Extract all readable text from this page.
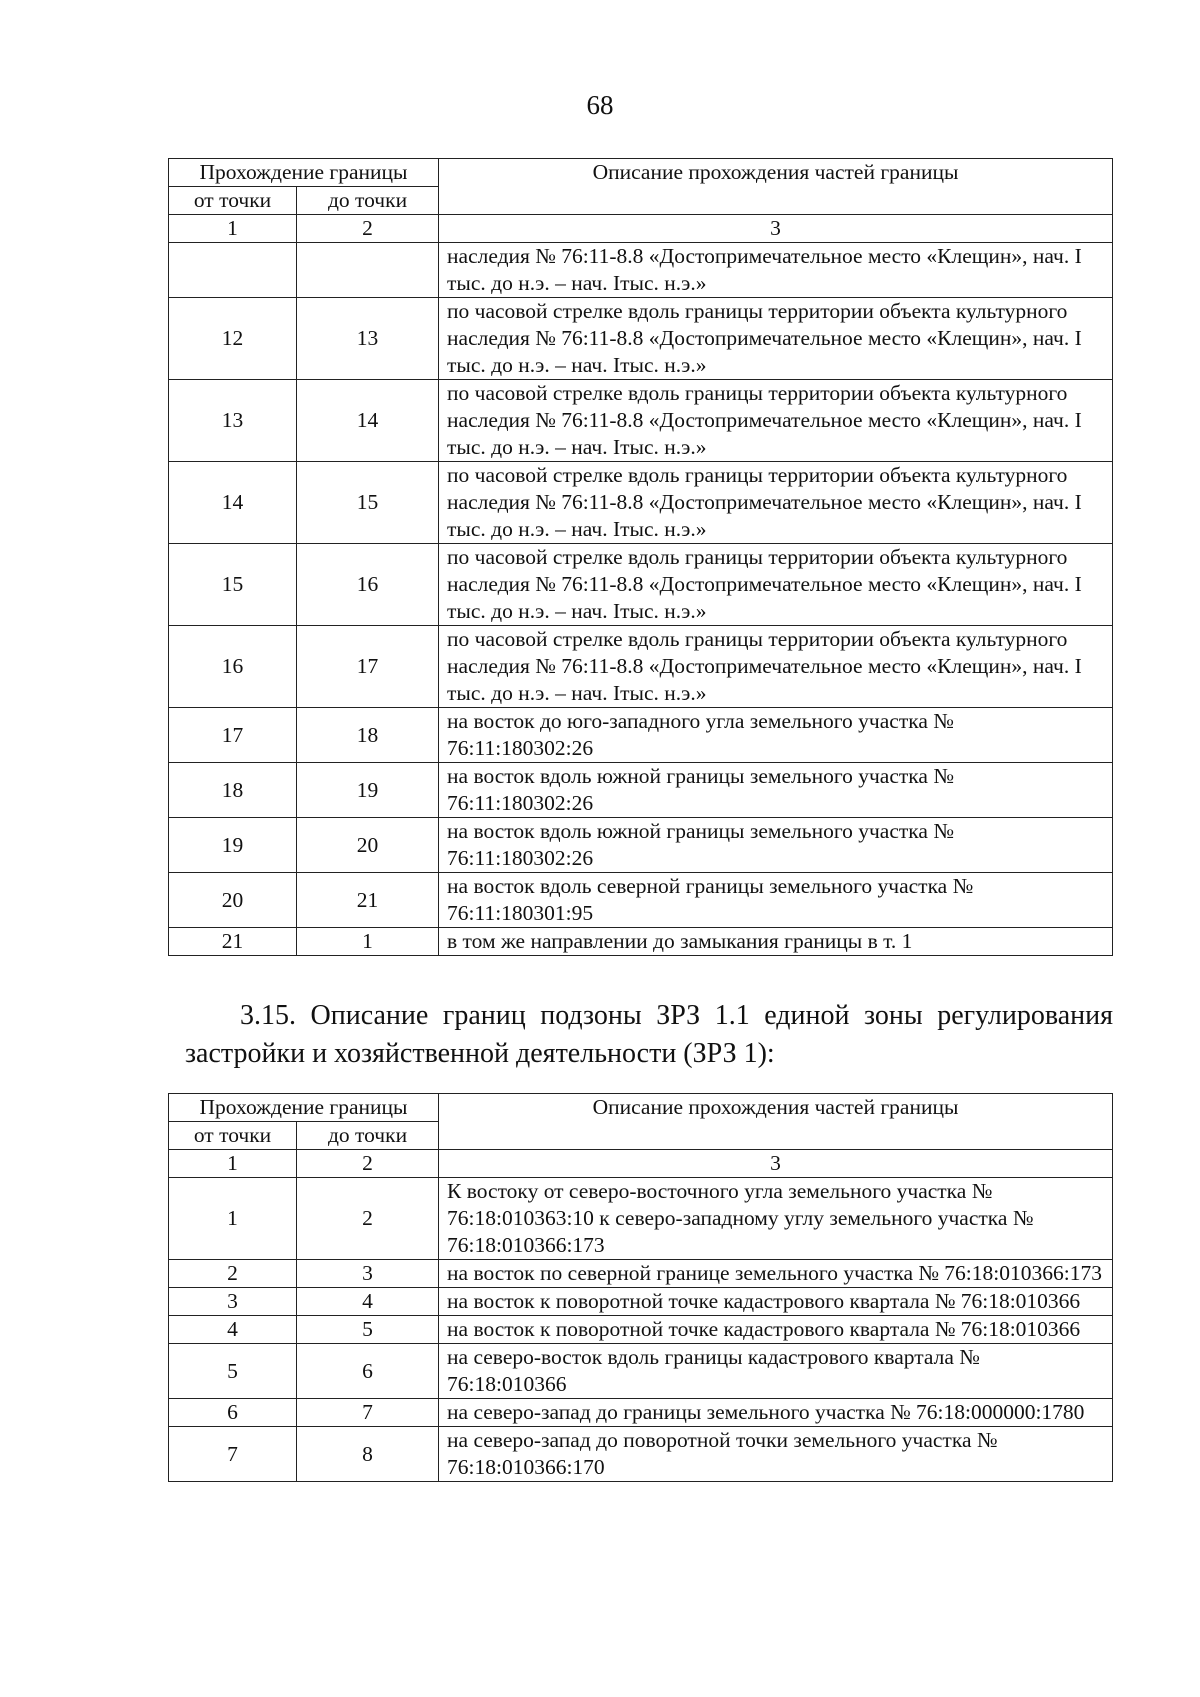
68
Прохождение границы		Описание прохождения частей границы
от точки	до точки	
1	2	3
		наследия № 76:11-8.8 «Достопримечательное место «Клещин», нач. I тыс. до н.э. – нач. Iтыс. н.э.»
12	13	по часовой стрелке вдоль границы территории объекта культурного наследия № 76:11-8.8 «Достопримечательное место «Клещин», нач. I тыс. до н.э. – нач. Iтыс. н.э.»
13	14	по часовой стрелке вдоль границы территории объекта культурного наследия № 76:11-8.8 «Достопримечательное место «Клещин», нач. I тыс. до н.э. – нач. Iтыс. н.э.»
14	15	по часовой стрелке вдоль границы территории объекта культурного наследия № 76:11-8.8 «Достопримечательное место «Клещин», нач. I тыс. до н.э. – нач. Iтыс. н.э.»
15	16	по часовой стрелке вдоль границы территории объекта культурного наследия № 76:11-8.8 «Достопримечательное место «Клещин», нач. I тыс. до н.э. – нач. Iтыс. н.э.»
16	17	по часовой стрелке вдоль границы территории объекта культурного наследия № 76:11-8.8 «Достопримечательное место «Клещин», нач. I тыс. до н.э. – нач. Iтыс. н.э.»
17	18	на восток до юго-западного угла земельного участка № 76:11:180302:26
18	19	на восток вдоль южной границы земельного участка № 76:11:180302:26
19	20	на восток вдоль южной границы земельного участка № 76:11:180302:26
20	21	на восток вдоль северной границы земельного участка № 76:11:180301:95
21	1	в том же направлении до замыкания границы в т. 1
3.15. Описание границ подзоны ЗРЗ 1.1 единой зоны регулирования застройки и хозяйственной деятельности (ЗРЗ 1):
Прохождение границы		Описание прохождения частей границы
от точки	до точки	
1	2	3
1	2	К востоку от северо-восточного угла земельного участка № 76:18:010363:10 к северо-западному углу земельного участка № 76:18:010366:173
2	3	на восток по северной границе земельного участка № 76:18:010366:173
3	4	на восток к поворотной точке кадастрового квартала № 76:18:010366
4	5	на восток к поворотной точке кадастрового квартала № 76:18:010366
5	6	на северо-восток вдоль границы кадастрового квартала № 76:18:010366
6	7	на северо-запад до границы земельного участка № 76:18:000000:1780
7	8	на северо-запад до поворотной точки земельного участка № 76:18:010366:170
